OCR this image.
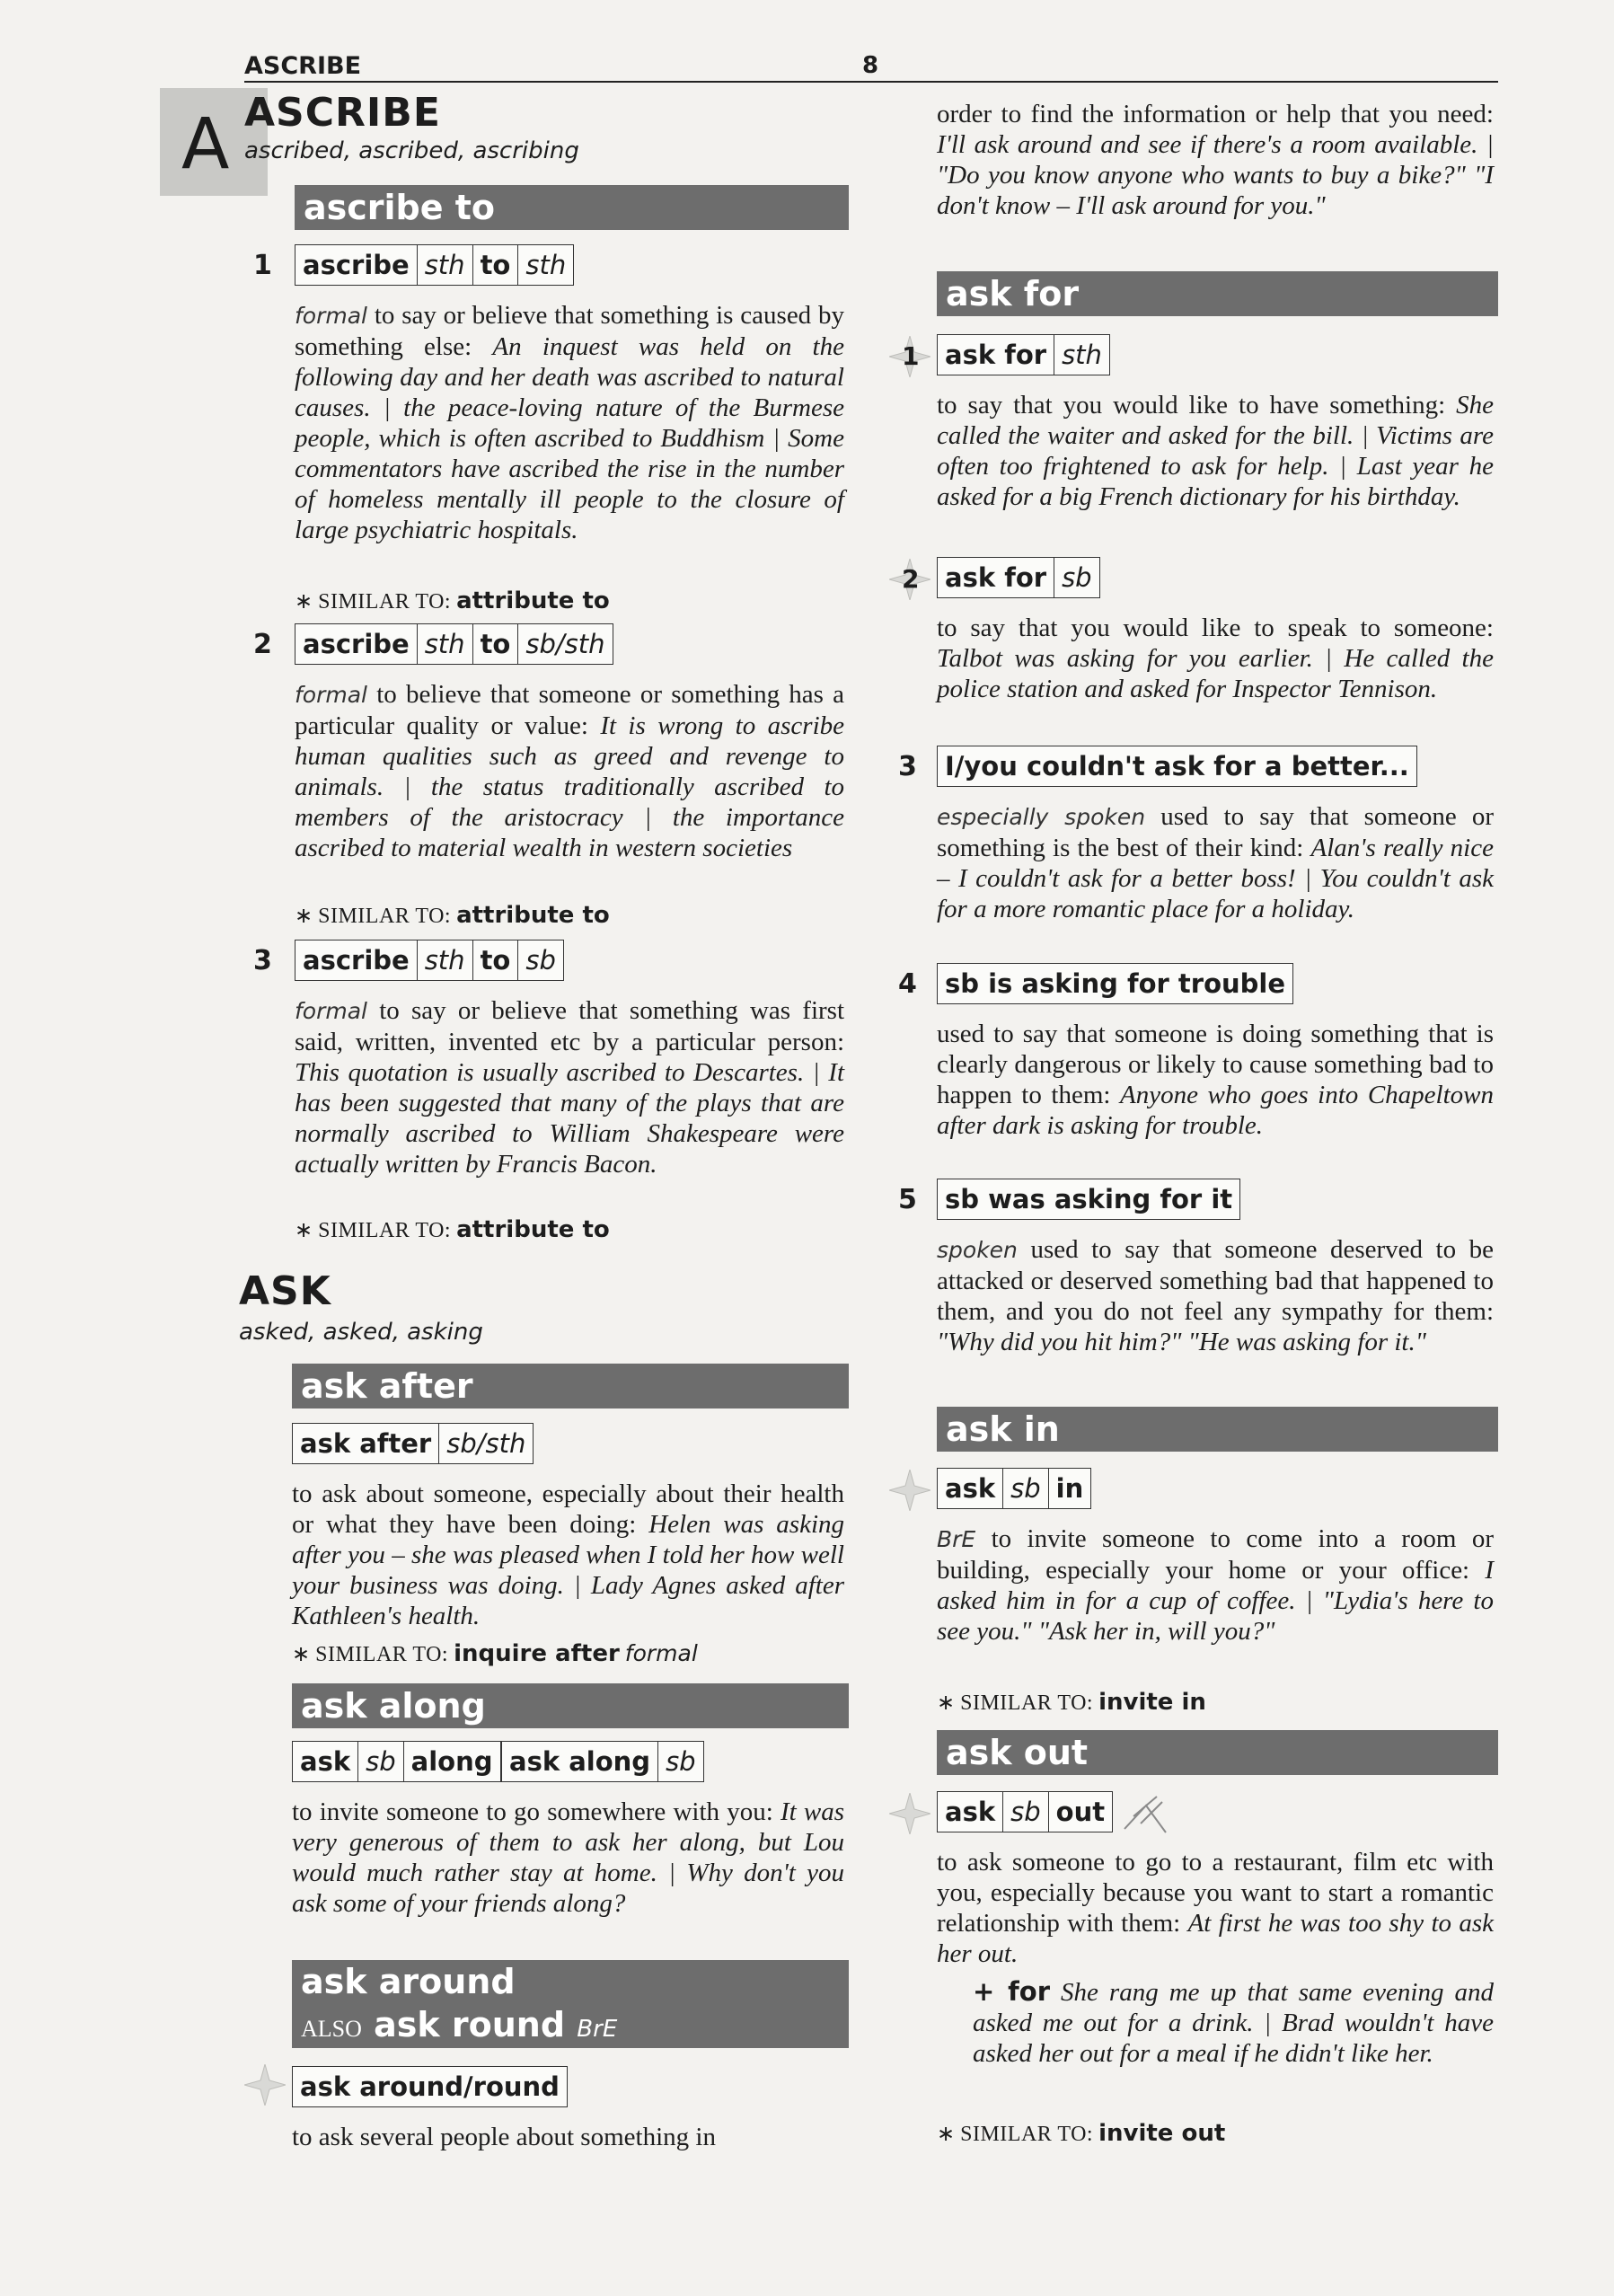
ASCRIBE	8
A ASCRIBE
ascribed, ascribed, ascribing
ascribe to
1 ascribe sth to sth
formal to say or believe that something is caused by something else: An inquest was held on the following day and her death was ascribed to natural causes. | the peace-loving nature of the Burmese people, which is often ascribed to Buddhism | Some commentators have ascribed the rise in the number of homeless mentally ill people to the closure of large psychiatric hospitals.
∗ SIMILAR TO: attribute to
2 ascribe sth to sb/sth
formal to believe that someone or something has a particular quality or value: It is wrong to ascribe human qualities such as greed and revenge to animals. | the status traditionally ascribed to members of the aristocracy | the importance ascribed to material wealth in western societies
∗ SIMILAR TO: attribute to
3 ascribe sth to sb
formal to say or believe that something was first said, written, invented etc by a particular person: This quotation is usually ascribed to Descartes. | It has been suggested that many of the plays that are normally ascribed to William Shakespeare were actually written by Francis Bacon.
∗ SIMILAR TO: attribute to
ASK
asked, asked, asking
ask after
ask after sb/sth
to ask about someone, especially about their health or what they have been doing: Helen was asking after you – she was pleased when I told her how well your business was doing. | Lady Agnes asked after Kathleen's health.
∗ SIMILAR TO: inquire after formal
ask along
ask sb along ask along sb
to invite someone to go somewhere with you: It was very generous of them to ask her along, but Lou would much rather stay at home. | Why don't you ask some of your friends along?
ask around
ALSO ask round BrE
ask around/round
to ask several people about something in
order to find the information or help that you need: I'll ask around and see if there's a room available. | "Do you know anyone who wants to buy a bike?" "I don't know – I'll ask around for you."
ask for
1 ask for sth
to say that you would like to have something: She called the waiter and asked for the bill. | Victims are often too frightened to ask for help. | Last year he asked for a big French dictionary for his birthday.
2 ask for sb
to say that you would like to speak to someone: Talbot was asking for you earlier. | He called the police station and asked for Inspector Tennison.
3 I/you couldn't ask for a better...
especially spoken used to say that someone or something is the best of their kind: Alan's really nice – I couldn't ask for a better boss! | You couldn't ask for a more romantic place for a holiday.
4 sb is asking for trouble
used to say that someone is doing something that is clearly dangerous or likely to cause something bad to happen to them: Anyone who goes into Chapeltown after dark is asking for trouble.
5 sb was asking for it
spoken used to say that someone deserved to be attacked or deserved something bad that happened to them, and you do not feel any sympathy for them: "Why did you hit him?" "He was asking for it."
ask in
ask sb in
BrE to invite someone to come into a room or building, especially your home or your office: I asked him in for a cup of coffee. | "Lydia's here to see you." "Ask her in, will you?"
∗ SIMILAR TO: invite in
ask out
ask sb out
to ask someone to go to a restaurant, film etc with you, especially because you want to start a romantic relationship with them: At first he was too shy to ask her out.
+ for She rang me up that same evening and asked me out for a drink. | Brad wouldn't have asked her out for a meal if he didn't like her.
∗ SIMILAR TO: invite out
